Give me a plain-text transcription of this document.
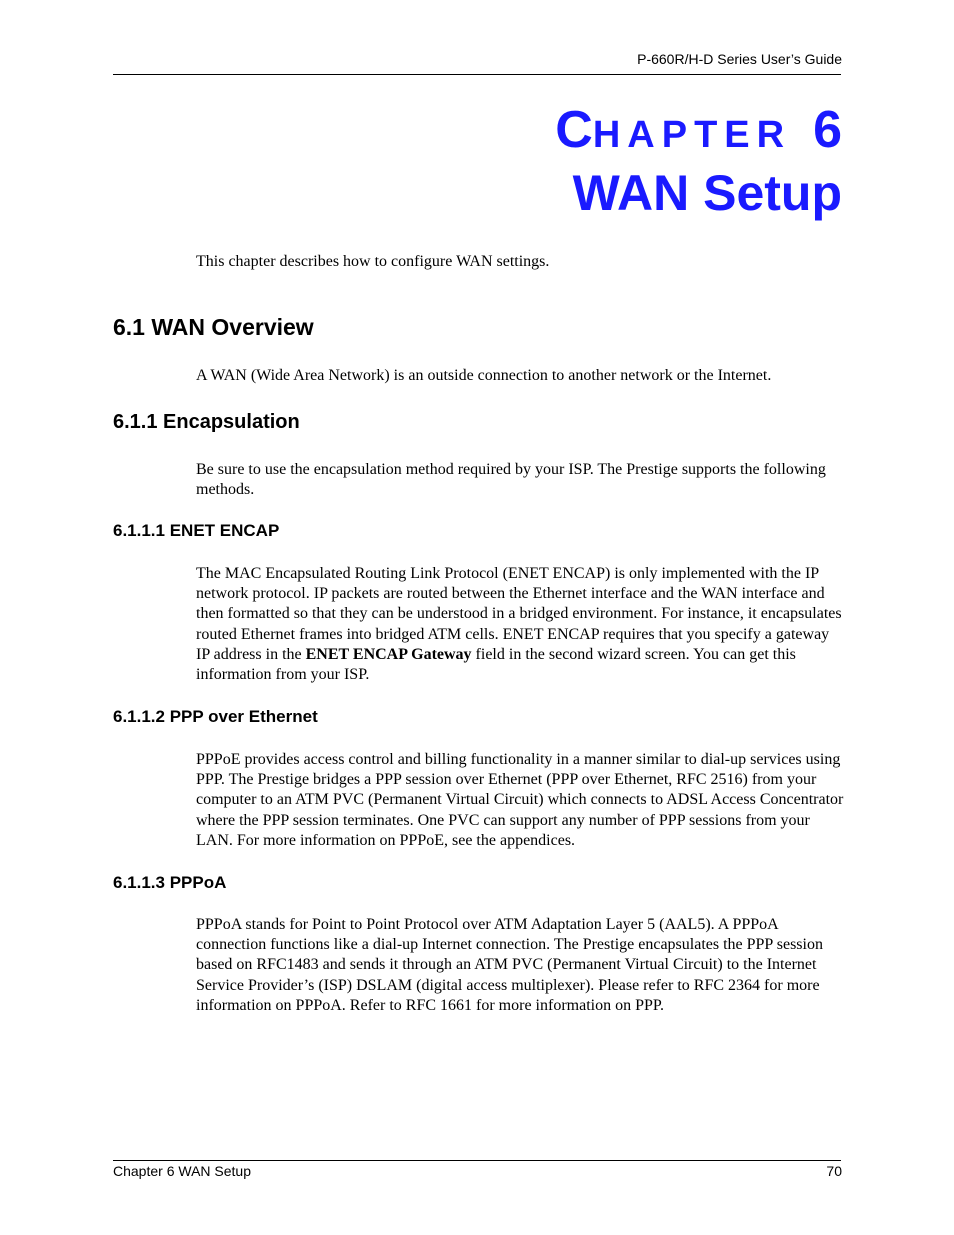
P-660R/H-D Series User’s Guide
CHAPTER 6
WAN Setup
This chapter describes how to configure WAN settings.
6.1 WAN Overview
A WAN (Wide Area Network) is an outside connection to another network or the Internet.
6.1.1 Encapsulation
Be sure to use the encapsulation method required by your ISP. The Prestige supports the following methods.
6.1.1.1 ENET ENCAP
The MAC Encapsulated Routing Link Protocol (ENET ENCAP) is only implemented with the IP network protocol. IP packets are routed between the Ethernet interface and the WAN interface and then formatted so that they can be understood in a bridged environment. For instance, it encapsulates routed Ethernet frames into bridged ATM cells. ENET ENCAP requires that you specify a gateway IP address in the ENET ENCAP Gateway field in the second wizard screen. You can get this information from your ISP.
6.1.1.2 PPP over Ethernet
PPPoE provides access control and billing functionality in a manner similar to dial-up services using PPP. The Prestige bridges a PPP session over Ethernet (PPP over Ethernet, RFC 2516) from your computer to an ATM PVC (Permanent Virtual Circuit) which connects to ADSL Access Concentrator where the PPP session terminates. One PVC can support any number of PPP sessions from your LAN. For more information on PPPoE, see the appendices.
6.1.1.3 PPPoA
PPPoA stands for Point to Point Protocol over ATM Adaptation Layer 5 (AAL5). A PPPoA connection functions like a dial-up Internet connection. The Prestige encapsulates the PPP session based on RFC1483 and sends it through an ATM PVC (Permanent Virtual Circuit) to the Internet Service Provider’s (ISP) DSLAM (digital access multiplexer). Please refer to RFC 2364 for more information on PPPoA. Refer to RFC 1661 for more information on PPP.
Chapter 6 WAN Setup	70
